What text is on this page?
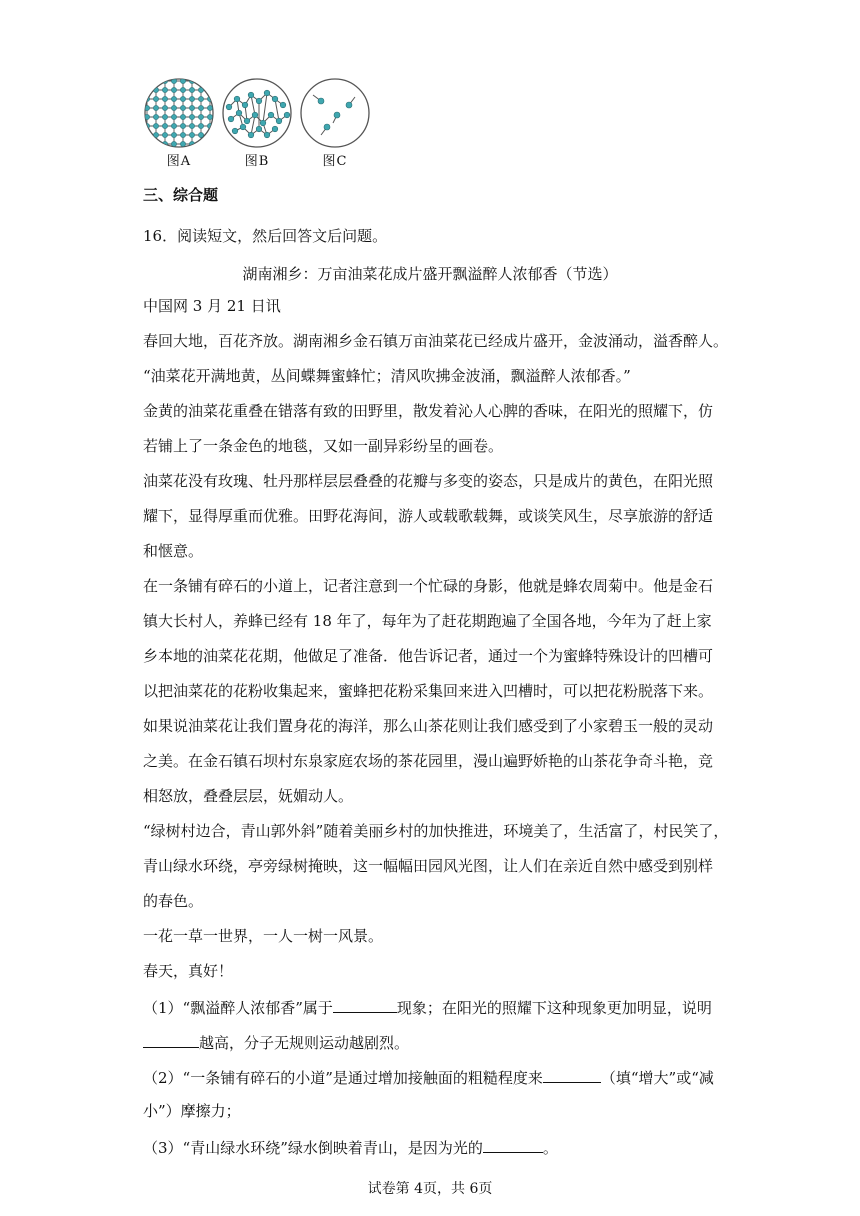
图A	图B	图C
三、综合题
16．阅读短文，然后回答文后问题。
湖南湘乡：万亩油菜花成片盛开飘溢醉人浓郁香（节选）
中国网 3 月 21 日讯
春回大地，百花齐放。湖南湘乡金石镇万亩油菜花已经成片盛开，金波涌动，溢香醉人。
“油菜花开满地黄，丛间蝶舞蜜蜂忙；清风吹拂金波涌，飘溢醉人浓郁香。”
金黄的油菜花重叠在错落有致的田野里，散发着沁人心脾的香味，在阳光的照耀下，仿
若铺上了一条金色的地毯，又如一副异彩纷呈的画卷。
油菜花没有玫瑰、牡丹那样层层叠叠的花瓣与多变的姿态，只是成片的黄色，在阳光照
耀下，显得厚重而优雅。田野花海间，游人或载歌载舞，或谈笑风生，尽享旅游的舒适
和惬意。
在一条铺有碎石的小道上，记者注意到一个忙碌的身影，他就是蜂农周菊中。他是金石
镇大长村人，养蜂已经有 18 年了，每年为了赶花期跑遍了全国各地，今年为了赶上家
乡本地的油菜花花期，他做足了准备．他告诉记者，通过一个为蜜蜂特殊设计的凹槽可
以把油菜花的花粉收集起来，蜜蜂把花粉采集回来进入凹槽时，可以把花粉脱落下来。
如果说油菜花让我们置身花的海洋，那么山茶花则让我们感受到了小家碧玉一般的灵动
之美。在金石镇石坝村东泉家庭农场的茶花园里，漫山遍野娇艳的山茶花争奇斗艳，竞
相怒放，叠叠层层，妩媚动人。
“绿树村边合，青山郭外斜”随着美丽乡村的加快推进，环境美了，生活富了，村民笑了，
青山绿水环绕，亭旁绿树掩映，这一幅幅田园风光图，让人们在亲近自然中感受到别样
的春色。
一花一草一世界，一人一树一风景。
春天，真好！
（1）“飘溢醉人浓郁香”属于	现象；在阳光的照耀下这种现象更加明显，说明
越高，分子无规则运动越剧烈。
（2）“一条铺有碎石的小道”是通过增加接触面的粗糙程度来	（填“增大”或“减
小”）摩擦力；
（3）“青山绿水环绕”绿水倒映着青山，是因为光的	。
试卷第 4页，共 6页
